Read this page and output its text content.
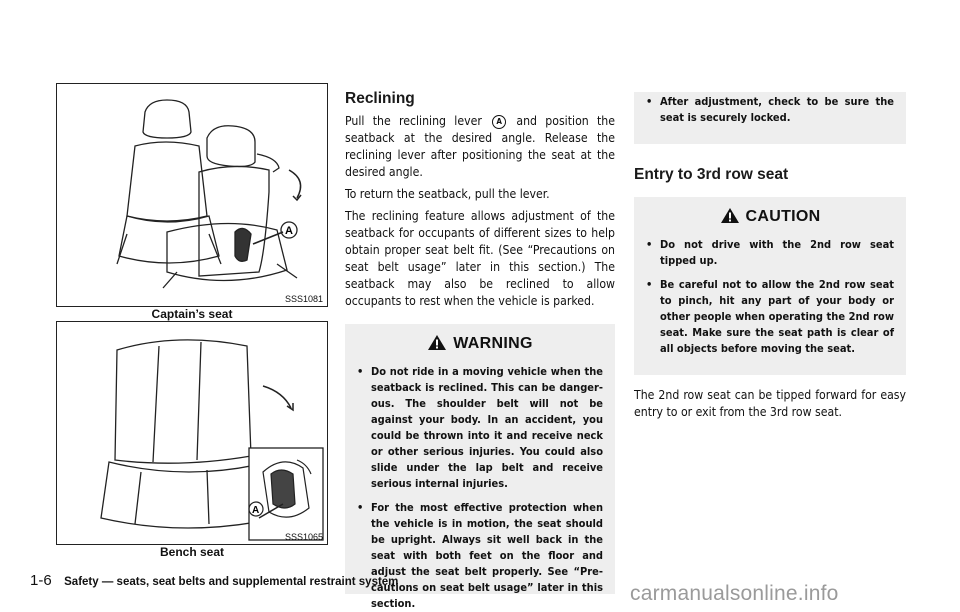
A
SSS1081
Captain’s seat
A
SSS1065
Bench seat
Reclining

Pull the reclining lever A and position the seatback at the desired angle. Release the reclining lever after positioning the seat at the desired angle.

To return the seatback, pull the lever.

The reclining feature allows adjustment of the seatback for occupants of different sizes to help obtain proper seat belt fit. (See “Precautions on seat belt usage” later in this section.) The seatback may also be reclined to allow occupants to rest when the vehicle is parked.

WARNING
• Do not ride in a moving vehicle when the seatback is reclined. This can be danger- ous. The shoulder belt will not be against your body. In an accident, you could be thrown into it and receive neck or other serious injuries. You could also slide under the lap belt and receive serious internal injuries.
• For the most effective protection when the vehicle is in motion, the seat should be upright. Always sit well back in the seat with both feet on the floor and adjust the seat belt properly. See “Pre- cautions on seat belt usage” later in this section.
• After adjustment, check to be sure the seat is securely locked.
Entry to 3rd row seat
CAUTION
• Do not drive with the 2nd row seat tipped up.
• Be careful not to allow the 2nd row seat to pinch, hit any part of your body or other people when operating the 2nd row seat. Make sure the seat path is clear of all objects before moving the seat.

The 2nd row seat can be tipped forward for easy entry to or exit from the 3rd row seat.

1-6 Safety — seats, seat belts and supplemental restraint system	carmanualsonline.info
